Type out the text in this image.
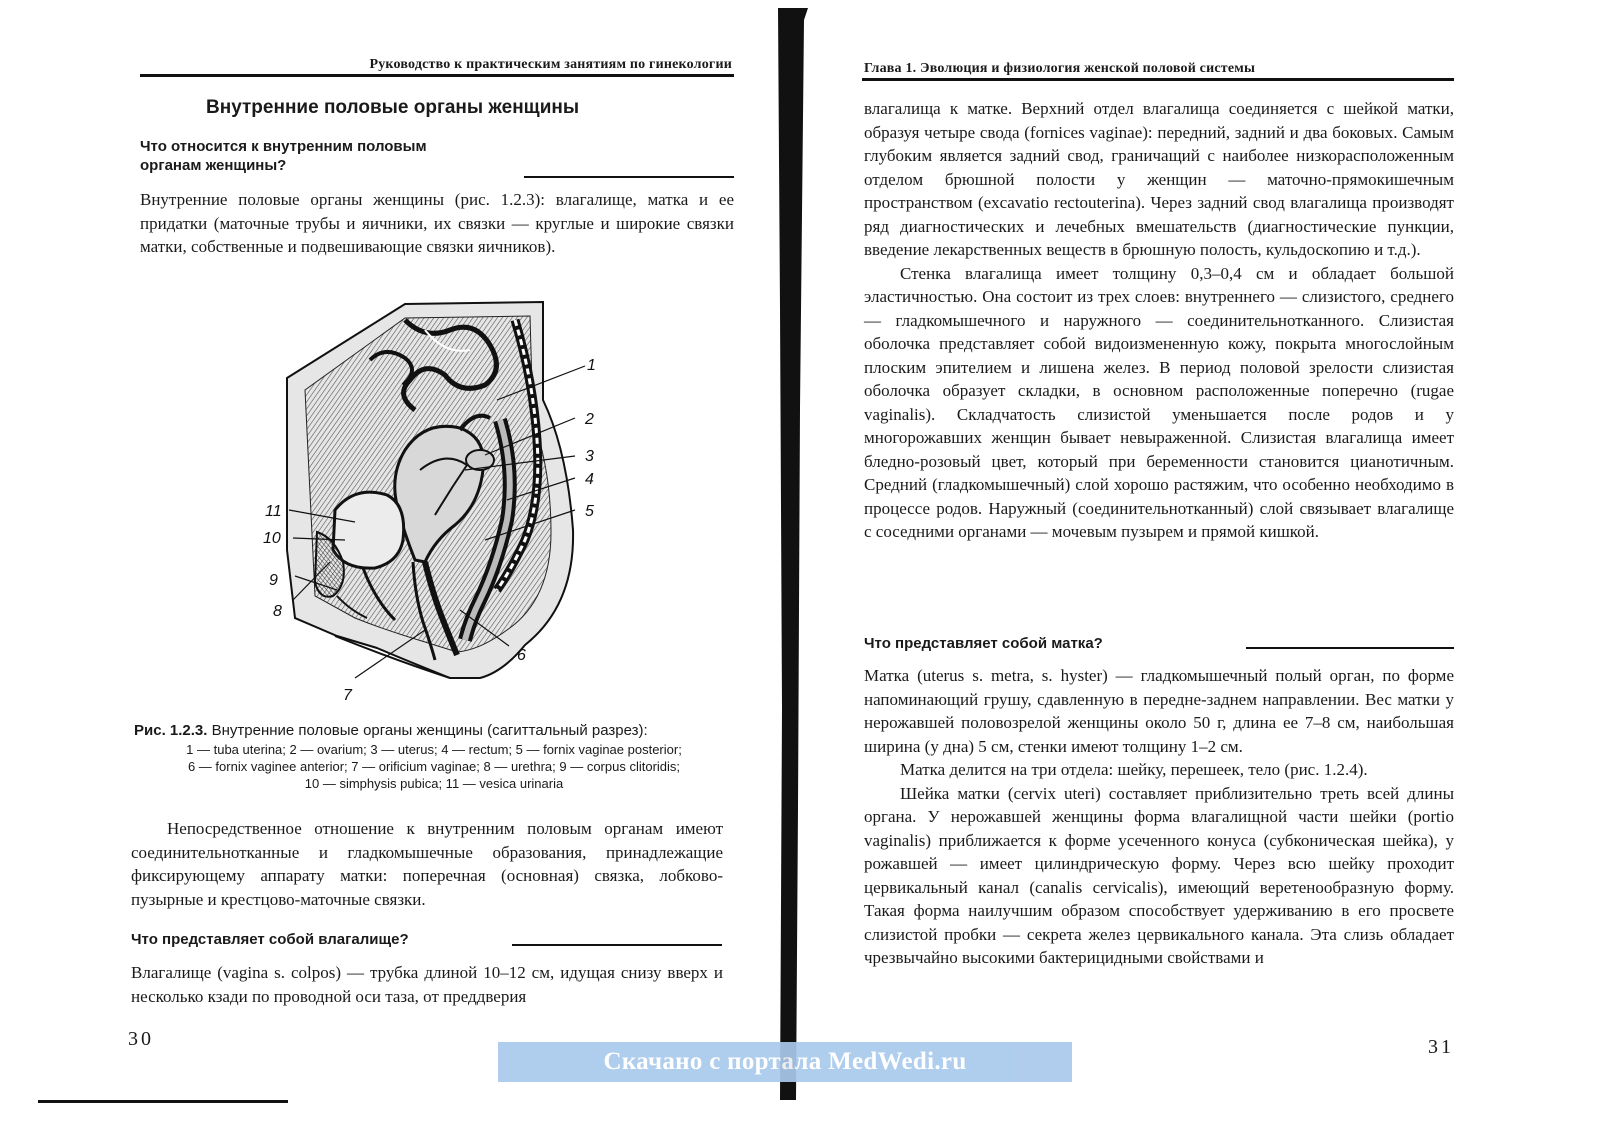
Руководство к практическим занятиям по гинекологии
Внутренние половые органы женщины
Что относится к внутренним половым
органам женщины?

Внутренние половые органы женщины (рис. 1.2.3): влагалище, матка и ее придатки (маточные трубы и яичники, их связки — круглые и широкие связки матки, собственные и подвешивающие связки яичников).

1
2
3
4
5
6
7
8
9
10
11
Рис. 1.2.3. Внутренние половые органы женщины (сагиттальный разрез):
1 — tuba uterina; 2 — ovarium; 3 — uterus; 4 — rectum; 5 — fornix vaginae posterior;
6 — fornix vaginee anterior; 7 — orificium vaginae; 8 — urethra; 9 — corpus clitoridis;
10 — simphysis pubica; 11 — vesica urinaria

Непосредственное отношение к внутренним половым органам имеют соединительнотканные и гладкомышечные образования, принадлежащие фиксирующему аппарату матки: поперечная (основная) связка, лобково-пузырные и крестцово-маточные связки.

Что представляет собой влагалище?

Влагалище (vagina s. colpos) — трубка длиной 10–12 см, идущая снизу вверх и несколько кзади по проводной оси таза, от преддверия

30
Глава 1. Эволюция и физиология женской половой системы

влагалища к матке. Верхний отдел влагалища соединяется с шейкой матки, образуя четыре свода (fornices vaginae): передний, задний и два боковых. Самым глубоким является задний свод, граничащий с наиболее низкорасположенным отделом брюшной полости у женщин — маточно-прямокишечным пространством (excavatio rectouterina). Через задний свод влагалища производят ряд диагностических и лечебных вмешательств (диагностические пункции, введение лекарственных веществ в брюшную полость, кульдоскопию и т.д.).

Стенка влагалища имеет толщину 0,3–0,4 см и обладает большой эластичностью. Она состоит из трех слоев: внутреннего — слизистого, среднего — гладкомышечного и наружного — соединительнотканного. Слизистая оболочка представляет собой видоизмененную кожу, покрыта многослойным плоским эпителием и лишена желез. В период половой зрелости слизистая оболочка образует складки, в основном расположенные поперечно (rugae vaginalis). Складчатость слизистой уменьшается после родов и у многорожавших женщин бывает невыраженной. Слизистая влагалища имеет бледно-розовый цвет, который при беременности становится цианотичным. Средний (гладкомышечный) слой хорошо растяжим, что особенно необходимо в процессе родов. Наружный (соединительнотканный) слой связывает влагалище с соседними органами — мочевым пузырем и прямой кишкой.

Что представляет собой матка?

Матка (uterus s. metra, s. hyster) — гладкомышечный полый орган, по форме напоминающий грушу, сдавленную в передне-заднем направлении. Вес матки у нерожавшей половозрелой женщины около 50 г, длина ее 7–8 см, наибольшая ширина (у дна) 5 см, стенки имеют толщину 1–2 см.

Матка делится на три отдела: шейку, перешеек, тело (рис. 1.2.4).

Шейка матки (cervix uteri) составляет приблизительно треть всей длины органа. У нерожавшей женщины форма влагалищной части шейки (portio vaginalis) приближается к форме усеченного конуса (субконическая шейка), у рожавшей — имеет цилиндрическую форму. Через всю шейку проходит цервикальный канал (canalis cervicalis), имеющий веретенообразную форму. Такая форма наилучшим образом способствует удерживанию в его просвете слизистой пробки — секрета желез цервикального канала. Эта слизь обладает чрезвычайно высокими бактерицидными свойствами и

31
Скачано с портала MedWedi.ru
